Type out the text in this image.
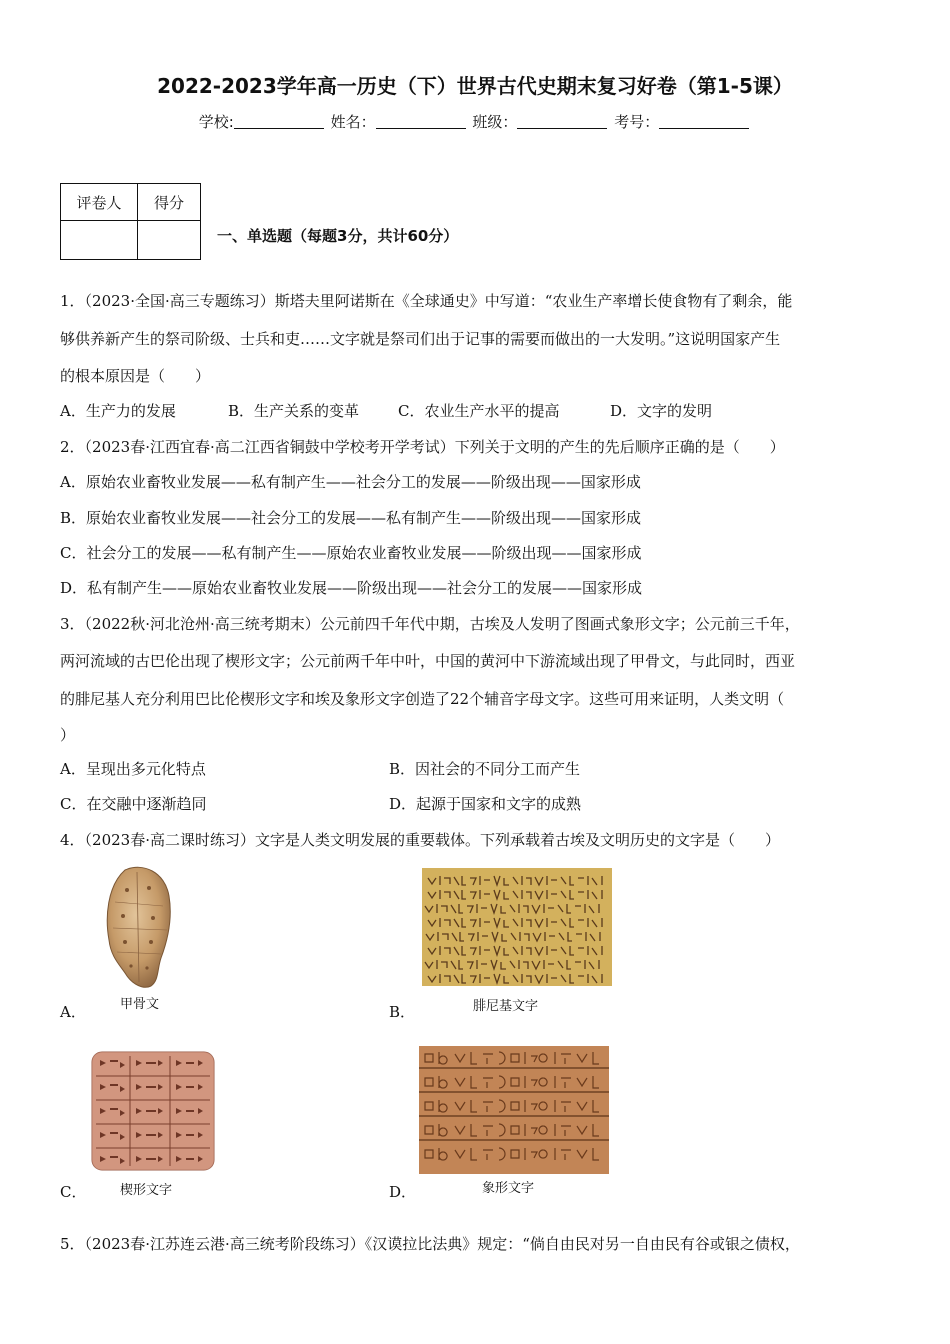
2022-2023学年高一历史（下）世界古代史期末复习好卷（第1-5课）
学校:	姓名：	班级：	考号：
评卷人	得分

一、单选题（每题3分，共计60分）
1．（2023·全国·高三专题练习）斯塔夫里阿诺斯在《全球通史》中写道：“农业生产率增长使食物有了剩余，能
够供养新产生的祭司阶级、士兵和吏……文字就是祭司们出于记事的需要而做出的一大发明。”这说明国家产生
的根本原因是（　　）
A．生产力的发展	B．生产关系的变革	C．农业生产水平的提高	D．文字的发明
2．（2023春·江西宜春·高二江西省铜鼓中学校考开学考试）下列关于文明的产生的先后顺序正确的是（　　）
A．原始农业畜牧业发展——私有制产生——社会分工的发展——阶级出现——国家形成
B．原始农业畜牧业发展——社会分工的发展——私有制产生——阶级出现——国家形成
C．社会分工的发展——私有制产生——原始农业畜牧业发展——阶级出现——国家形成
D．私有制产生——原始农业畜牧业发展——阶级出现——社会分工的发展——国家形成
3．（2022秋·河北沧州·高三统考期末）公元前四千年代中期，古埃及人发明了图画式象形文字；公元前三千年，
两河流域的古巴伦出现了楔形文字；公元前两千年中叶，中国的黄河中下游流域出现了甲骨文，与此同时，西亚
的腓尼基人充分利用巴比伦楔形文字和埃及象形文字创造了22个辅音字母文字。这些可用来证明，人类文明（
）
A．呈现出多元化特点	B．因社会的不同分工而产生
C．在交融中逐渐趋同	D．起源于国家和文字的成熟
4．（2023春·高二课时练习）文字是人类文明发展的重要载体。下列承载着古埃及文明历史的文字是（　　）
甲骨文
A．	腓尼基文字
B．
楔形文字
C．	象形文字
D．
5．（2023春·江苏连云港·高三统考阶段练习）《汉谟拉比法典》规定：“倘自由民对另一自由民有谷或银之债权，
